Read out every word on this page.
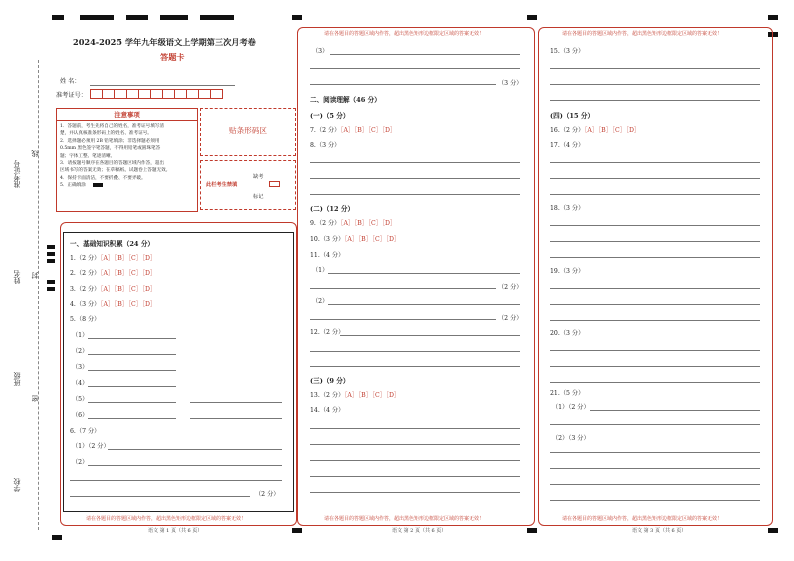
准考证号
线
姓名 封
班级
密
学校
2024-2025 学年九年级语文上学期第三次月考卷
答题卡
姓 名：
准考证号：
注意事项
1．答题前，考生先将自己的姓名，准考证号填写清
楚，并认真核准条形码上的姓名、准考证号。
2．选择题必须用 2B 铅笔填涂；非选择题必须用
0.5mm 黑色签字笔答题，不得用铅笔或圆珠笔答
题；字体工整、笔迹清晰。
3．请按题号顺序在各题目的答题区域内作答，超出
区域书写的答案无效；在草稿纸、试题卷上答题无效。
4．保持卡面清洁，不要折叠、不要弄破。
5．正确填涂
贴条形码区
此栏考生禁填
缺考
标记
请在各题目的答题区域内作答，超出黑色矩形边框限定区域的答案无效！	请在各题目的答题区域内作答，超出黑色矩形边框限定区域的答案无效！
请在各题目的答题区域内作答，超出黑色矩形边框限定区域的答案无效！	请在各题目的答题区域内作答，超出黑色矩形边框限定区域的答案无效！	请在各题目的答题区域内作答，超出黑色矩形边框限定区域的答案无效！
一、基础知识积累（24 分）
1.（2 分）［A］［B］［C］［D］
2.（2 分）［A］［B］［C］［D］
3.（2 分）［A］［B］［C］［D］
4.（3 分）［A］［B］［C］［D］
5.（8 分）
（1）
（2）
（3）
（4）
（5）
（6）
6.（7 分）
（1）（2 分）
（2）
（2 分）
（3）
（3 分）
二、阅读理解（46 分）
(一)（5 分）
7.（2 分）［A］［B］［C］［D］
8.（3 分）
(二)（12 分）
9.（2 分）［A］［B］［C］［D］
10.（3 分）［A］［B］［C］［D］
11.（4 分）
（1）
（2 分）
（2）
（2 分）
12.（2 分）
(三)（9 分）
13.（2 分）［A］［B］［C］［D］
14.（4 分）
15.（3 分）
(四)（15 分）
16.（2 分）［A］［B］［C］［D］
17.（4 分）
18.（3 分）
19.（3 分）
20.（3 分）
21.（5 分）
（1）（2 分）
（2）（3 分）
语文 第 1 页（共 6 页）	语文 第 2 页（共 6 页）	语文 第 3 页（共 6 页）
